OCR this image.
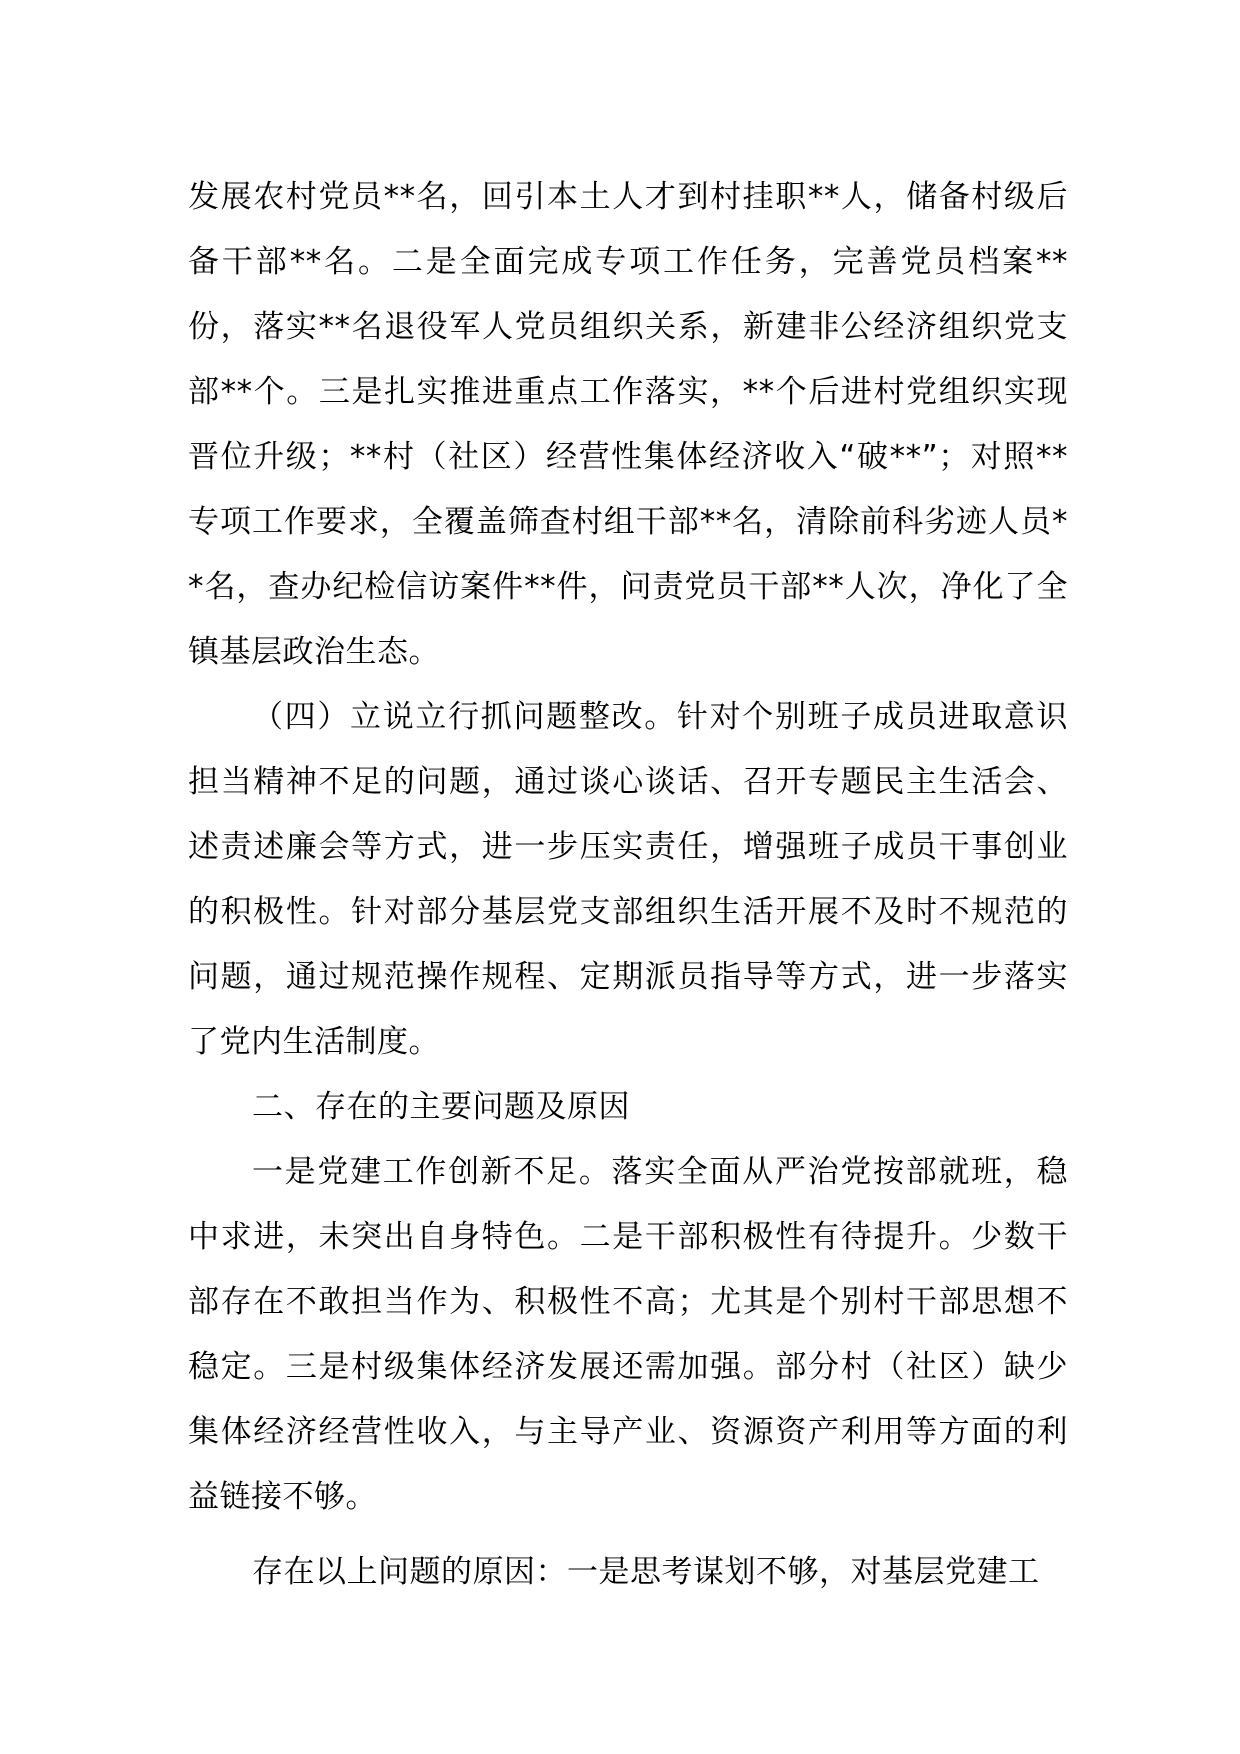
发展农村党员**名，回引本土人才到村挂职**人，储备村级后备干部**名。二是全面完成专项工作任务，完善党员档案**份，落实**名退役军人党员组织关系，新建非公经济组织党支部**个。三是扎实推进重点工作落实，**个后进村党组织实现晋位升级；**村（社区）经营性集体经济收入“破**”；对照**专项工作要求，全覆盖筛查村组干部**名，清除前科劣迹人员**名，查办纪检信访案件**件，问责党员干部**人次，净化了全镇基层政治生态。

（四）立说立行抓问题整改。针对个别班子成员进取意识担当精神不足的问题，通过谈心谈话、召开专题民主生活会、述责述廉会等方式，进一步压实责任，增强班子成员干事创业的积极性。针对部分基层党支部组织生活开展不及时不规范的问题，通过规范操作规程、定期派员指导等方式，进一步落实了党内生活制度。

二、存在的主要问题及原因

一是党建工作创新不足。落实全面从严治党按部就班，稳中求进，未突出自身特色。二是干部积极性有待提升。少数干部存在不敢担当作为、积极性不高；尤其是个别村干部思想不稳定。三是村级集体经济发展还需加强。部分村（社区）缺少集体经济经营性收入，与主导产业、资源资产利用等方面的利益链接不够。

存在以上问题的原因：一是思考谋划不够，对基层党建工
